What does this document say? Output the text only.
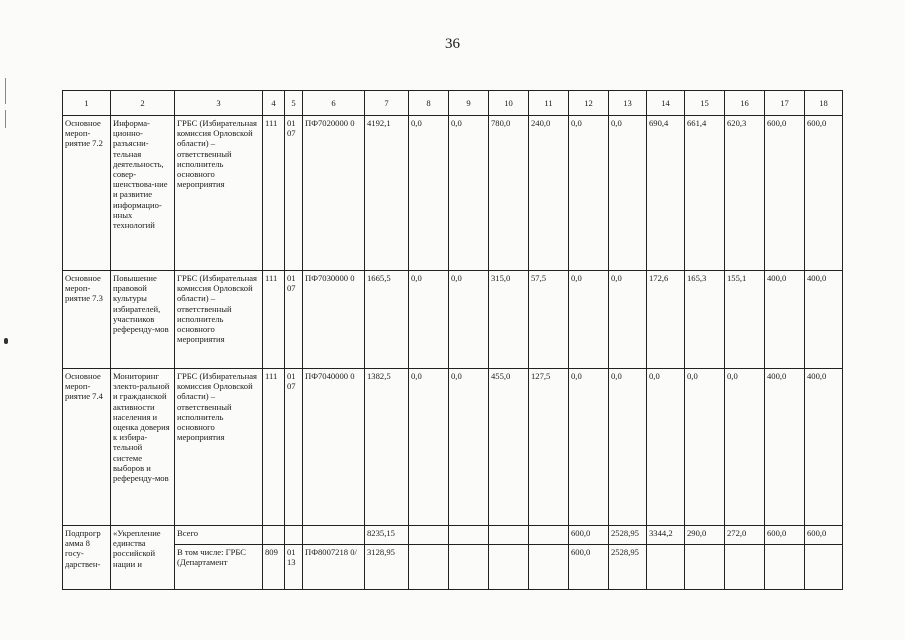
36
1	2	3	4	5	6	7	8	9	10	11	12	13	14	15	16	17	18
Основное мероп-риятие 7.2	Информа-ционно-разъясни-тельная деятельность, совер-шенствова-ние и развитие информацио-нных технологий	ГРБС (Избирательная комиссия Орловской области) – ответственный исполнитель основного мероприятия	111	01 07	ПФ7020000 0	4192,1	0,0	0,0	780,0	240,0	0,0	0,0	690,4	661,4	620,3	600,0	600,0
Основное мероп-риятие 7.3	Повышение правовой культуры избирателей, участников референду-мов	ГРБС (Избирательная комиссия Орловской области) – ответственный исполнитель основного мероприятия	111	01 07	ПФ7030000 0	1665,5	0,0	0,0	315,0	57,5	0,0	0,0	172,6	165,3	155,1	400,0	400,0
Основное мероп-риятие 7.4	Мониторинг электо-ральной и гражданской активности населения и оценка доверия к избира-тельной системе выборов и референду-мов	ГРБС (Избирательная комиссия Орловской области) – ответственный исполнитель основного мероприятия	111	01 07	ПФ7040000 0	1382,5	0,0	0,0	455,0	127,5	0,0	0,0	0,0	0,0	0,0	400,0	400,0
Подпрогр амма 8 госу-дарствен-	«Укрепление единства российской нации и	Всего				8235,15					600,0	2528,95	3344,2	290,0	272,0	600,0	600,0
		В том числе: ГРБС (Департамент	809	01 13	ПФ8007218 0/	3128,95					600,0	2528,95					
